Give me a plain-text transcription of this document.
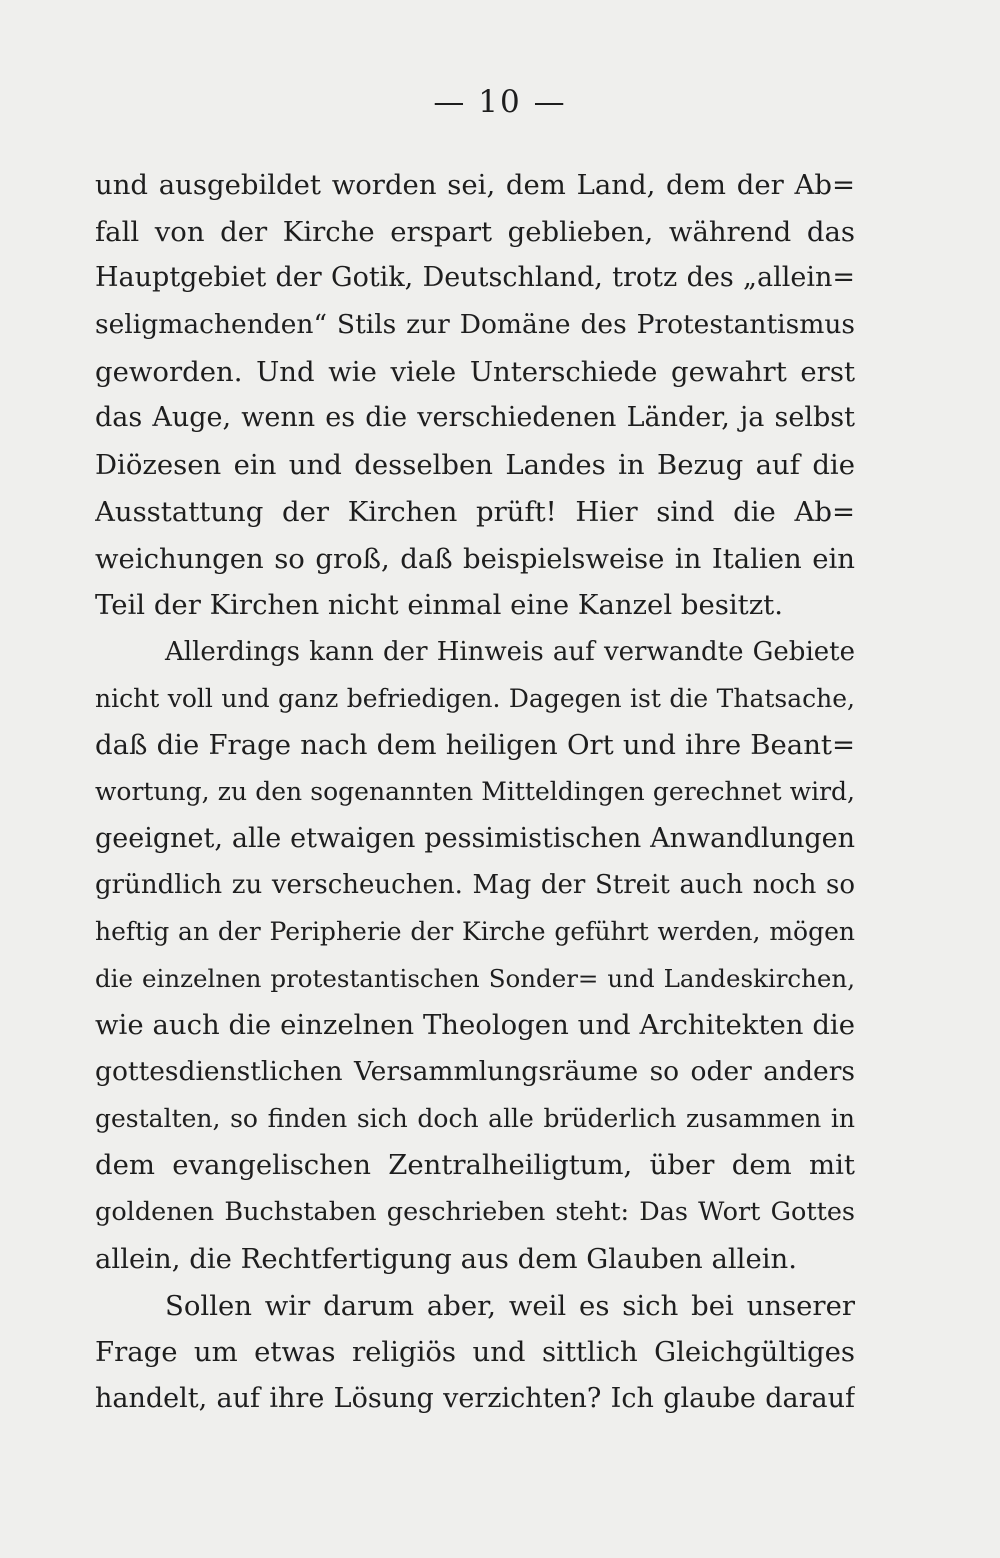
— 10 —
und ausgebildet worden sei, dem Land, dem der Ab=
fall von der Kirche erspart geblieben, während das
Hauptgebiet der Gotik, Deutschland, trotz des „allein=
seligmachenden“ Stils zur Domäne des Protestantismus
geworden. Und wie viele Unterschiede gewahrt erst
das Auge, wenn es die verschiedenen Länder, ja selbst
Diözesen ein und desselben Landes in Bezug auf die
Ausstattung der Kirchen prüft! Hier sind die Ab=
weichungen so groß, daß beispielsweise in Italien ein
Teil der Kirchen nicht einmal eine Kanzel besitzt.
Allerdings kann der Hinweis auf verwandte Gebiete
nicht voll und ganz befriedigen. Dagegen ist die Thatsache,
daß die Frage nach dem heiligen Ort und ihre Beant=
wortung, zu den sogenannten Mitteldingen gerechnet wird,
geeignet, alle etwaigen pessimistischen Anwandlungen
gründlich zu verscheuchen. Mag der Streit auch noch so
heftig an der Peripherie der Kirche geführt werden, mögen
die einzelnen protestantischen Sonder= und Landeskirchen,
wie auch die einzelnen Theologen und Architekten die
gottesdienstlichen Versammlungsräume so oder anders
gestalten, so finden sich doch alle brüderlich zusammen in
dem evangelischen Zentralheiligtum, über dem mit
goldenen Buchstaben geschrieben steht: Das Wort Gottes
allein, die Rechtfertigung aus dem Glauben allein.
Sollen wir darum aber, weil es sich bei unserer
Frage um etwas religiös und sittlich Gleichgültiges
handelt, auf ihre Lösung verzichten? Ich glaube darauf
